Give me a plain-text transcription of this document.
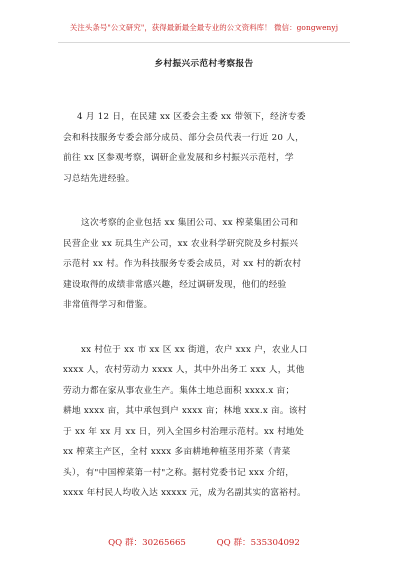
关注头条号"公文研究"，获得最新最全最专业的公文资料库！ 微信：gongwenyj
乡村振兴示范村考察报告
4 月 12 日，在民建 xx 区委会主委 xx 带领下，经济专委
会和科技服务专委会部分成员、部分会员代表一行近 20 人，
前往 xx 区参观考察，调研企业发展和乡村振兴示范村，学
习总结先进经验。
这次考察的企业包括 xx 集团公司、xx 榨菜集团公司和
民营企业 xx 玩具生产公司，xx 农业科学研究院及乡村振兴
示范村 xx 村。作为科技服务专委会成员，对 xx 村的新农村
建设取得的成绩非常感兴趣，经过调研发现，他们的经验
非常值得学习和借鉴。
xx 村位于 xx 市 xx 区 xx 街道，农户 xxx 户，农业人口
xxxx 人，农村劳动力 xxxx 人，其中外出务工 xxx 人，其他
劳动力都在家从事农业生产。集体土地总面积 xxxx.x 亩；
耕地 xxxx 亩，其中承包到户 xxxx 亩；林地 xxx.x 亩。该村
于 xx 年 xx 月 xx 日，列入全国乡村治理示范村。xx 村地处
xx 榨菜主产区，全村 xxxx 多亩耕地种植茎用芥菜（青菜
头），有"中国榨菜第一村"之称。据村党委书记 xxx 介绍，
xxxx 年村民人均收入达 xxxxx 元，成为名副其实的富裕村。
QQ 群：30265665	QQ 群：535304092
